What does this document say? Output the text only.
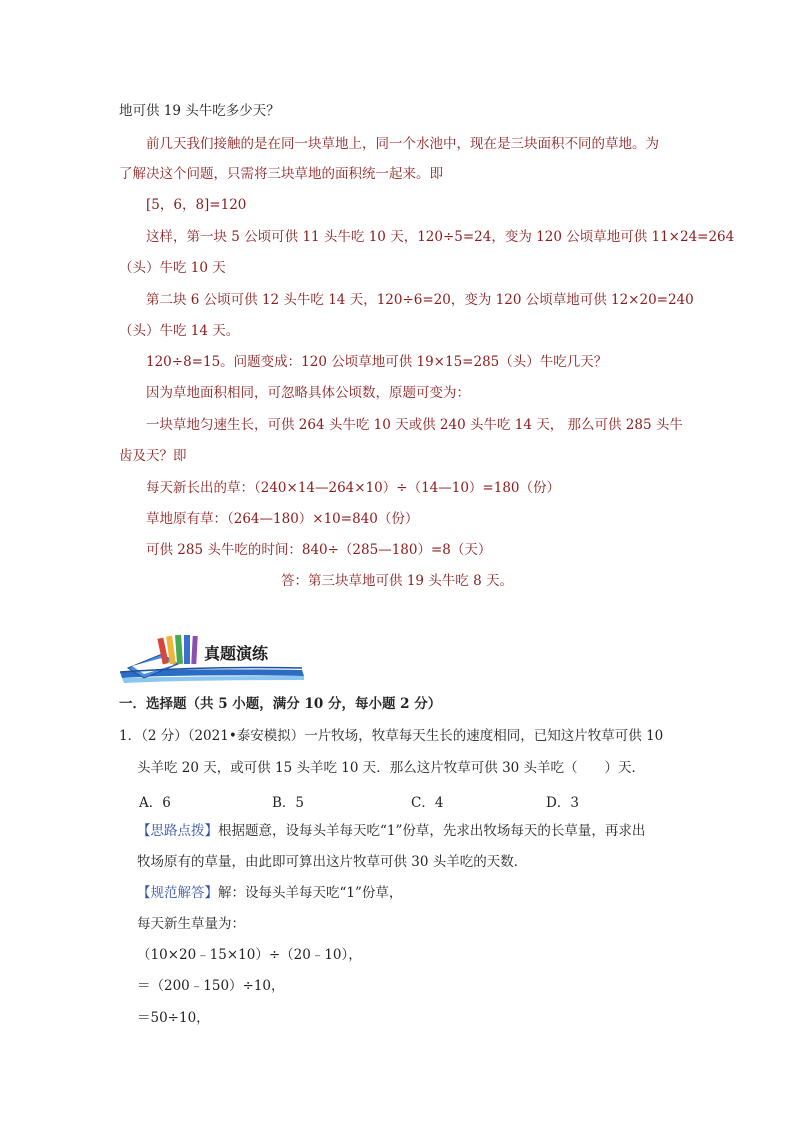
地可供 19 头牛吃多少天？
前几天我们接触的是在同一块草地上，同一个水池中，现在是三块面积不同的草地。为
了解决这个问题，只需将三块草地的面积统一起来。即
[5，6，8]=120
这样，第一块 5 公顷可供 11 头牛吃 10 天，120÷5=24，变为 120 公顷草地可供 11×24=264
（头）牛吃 10 天
第二块 6 公顷可供 12 头牛吃 14 天，120÷6=20，变为 120 公顷草地可供 12×20=240
（头）牛吃 14 天。
120÷8=15。问题变成：120 公顷草地可供 19×15=285（头）牛吃几天？
因为草地面积相同，可忽略具体公顷数，原题可变为：
一块草地匀速生长，可供 264 头牛吃 10 天或供 240 头牛吃 14 天， 那么可供 285 头牛
齿及天？即
每天新长出的草：（240×14—264×10）÷（14—10）=180（份）
草地原有草：（264—180）×10=840（份）
可供 285 头牛吃的时间：840÷（285—180）=8（天）
答：第三块草地可供 19 头牛吃 8 天。
真题演练
一．选择题（共 5 小题，满分 10 分，每小题 2 分）
1．（2 分）（2021•泰安模拟）一片牧场，牧草每天生长的速度相同，已知这片牧草可供 10
头羊吃 20 天，或可供 15 头羊吃 10 天．那么这片牧草可供 30 头羊吃（　　）天．
A．6	B．5	C．4	D．3
【思路点拨】根据题意，设每头羊每天吃“1”份草，先求出牧场每天的长草量，再求出
牧场原有的草量，由此即可算出这片牧草可供 30 头羊吃的天数．
【规范解答】解：设每头羊每天吃“1”份草，
每天新生草量为：
（10×20﹣15×10）÷（20﹣10），
＝（200﹣150）÷10，
＝50÷10，
